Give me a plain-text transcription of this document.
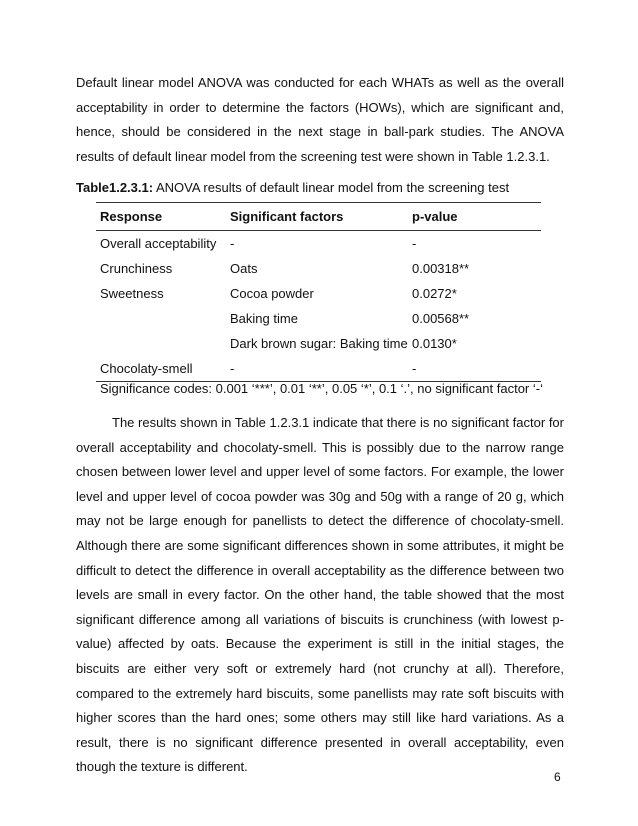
Default linear model ANOVA was conducted for each WHATs as well as the overall acceptability in order to determine the factors (HOWs), which are significant and, hence, should be considered in the next stage in ball-park studies. The ANOVA results of default linear model from the screening test were shown in Table 1.2.3.1.

Table1.2.3.1: ANOVA results of default linear model from the screening test
Response	Significant factors	p-value
Overall acceptability	-	-
Crunchiness	Oats	0.00318**
Sweetness	Cocoa powder	0.0272*
	Baking time	0.00568**
	Dark brown sugar: Baking time	0.0130*
Chocolaty-smell	-	-
Significance codes: 0.001 ‘***’, 0.01 ‘**’, 0.05 ‘*’, 0.1 ‘.’, no significant factor ‘-‘

The results shown in Table 1.2.3.1 indicate that there is no significant factor for overall acceptability and chocolaty-smell. This is possibly due to the narrow range chosen between lower level and upper level of some factors. For example, the lower level and upper level of cocoa powder was 30g and 50g with a range of 20 g, which may not be large enough for panellists to detect the difference of chocolaty-smell. Although there are some significant differences shown in some attributes, it might be difficult to detect the difference in overall acceptability as the difference between two levels are small in every factor. On the other hand, the table showed that the most significant difference among all variations of biscuits is crunchiness (with lowest p-value) affected by oats. Because the experiment is still in the initial stages, the biscuits are either very soft or extremely hard (not crunchy at all). Therefore, compared to the extremely hard biscuits, some panellists may rate soft biscuits with higher scores than the hard ones; some others may still like hard variations. As a result, there is no significant difference presented in overall acceptability, even though the texture is different.

6
